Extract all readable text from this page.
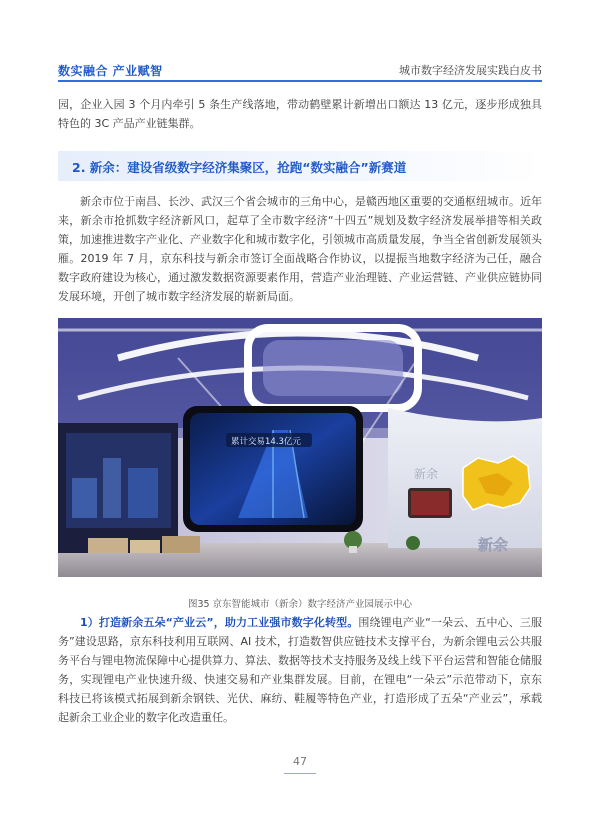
数实融合 产业赋智	城市数字经济发展实践白皮书

园，企业入园 3 个月内牵引 5 条生产线落地，带动鹤壁累计新增出口额达 13 亿元，逐步形成独具特色的 3C 产品产业链集群。

2. 新余：建设省级数字经济集聚区，抢跑“数实融合”新赛道

新余市位于南昌、长沙、武汉三个省会城市的三角中心，是赣西地区重要的交通枢纽城市。近年来，新余市抢抓数字经济新风口，起草了全市数字经济“十四五”规划及数字经济发展举措等相关政策，加速推进数字产业化、产业数字化和城市数字化，引领城市高质量发展，争当全省创新发展领头雁。2019 年 7 月，京东科技与新余市签订全面战略合作协议，以提振当地数字经济为己任，融合数字政府建设为核心，通过激发数据资源要素作用，营造产业治理链、产业运营链、产业供应链协同发展环境，开创了城市数字经济发展的崭新局面。

累计交易14.3亿元
新余
新余
图35 京东智能城市（新余）数字经济产业园展示中心

1）打造新余五朵“产业云”，助力工业强市数字化转型。围绕锂电产业“一朵云、五中心、三服务”建设思路，京东科技利用互联网、AI 技术，打造数智供应链技术支撑平台，为新余锂电云公共服务平台与锂电物流保障中心提供算力、算法、数据等技术支持服务及线上线下平台运营和智能仓储服务，实现锂电产业快速升级、快速交易和产业集群发展。目前，在锂电“一朵云”示范带动下，京东科技已将该模式拓展到新余钢铁、光伏、麻纺、鞋履等特色产业，打造形成了五朵“产业云”，承载起新余工业企业的数字化改造重任。

47
